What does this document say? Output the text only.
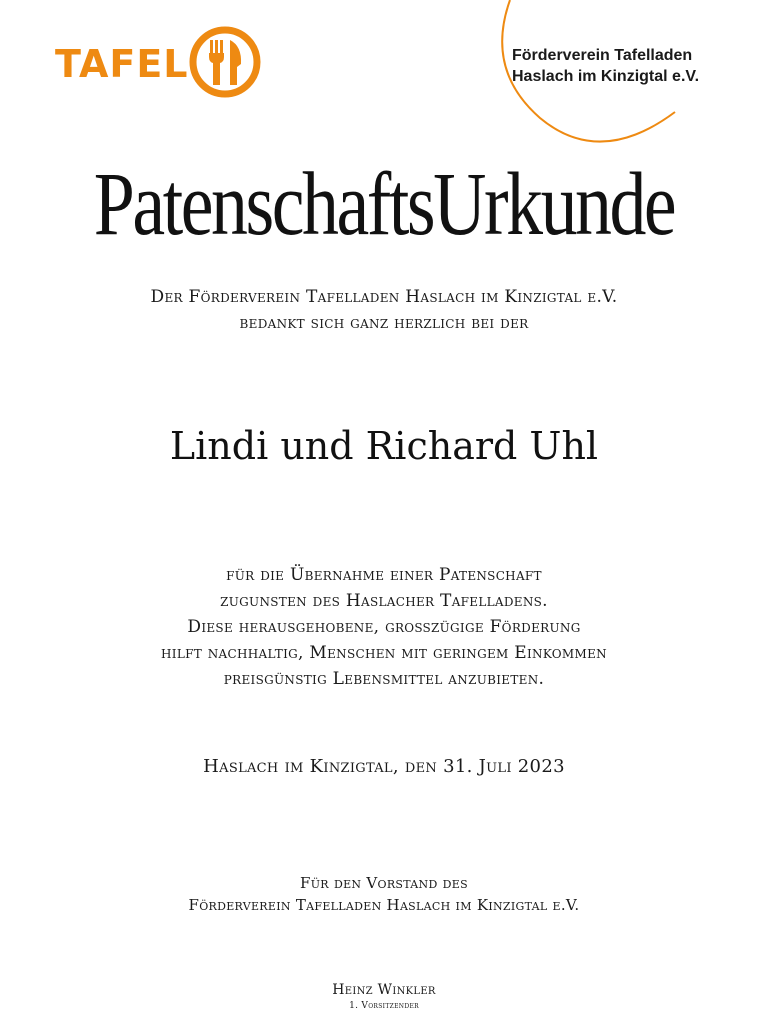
TAFEL	Förderverein Tafelladen
Haslach im Kinzigtal e.V.
PatenschaftsUrkunde
Der Förderverein Tafelladen Haslach im Kinzigtal e.V.
bedankt sich ganz herzlich bei der
Lindi und Richard Uhl
für die Übernahme einer Patenschaft
zugunsten des Haslacher Tafelladens.
Diese herausgehobene, großzügige Förderung
hilft nachhaltig, Menschen mit geringem Einkommen
preisgünstig Lebensmittel anzubieten.
Haslach im Kinzigtal, den 31. Juli 2023
Für den Vorstand des
Förderverein Tafelladen Haslach im Kinzigtal e.V.
Heinz Winkler
1. Vorsitzender
